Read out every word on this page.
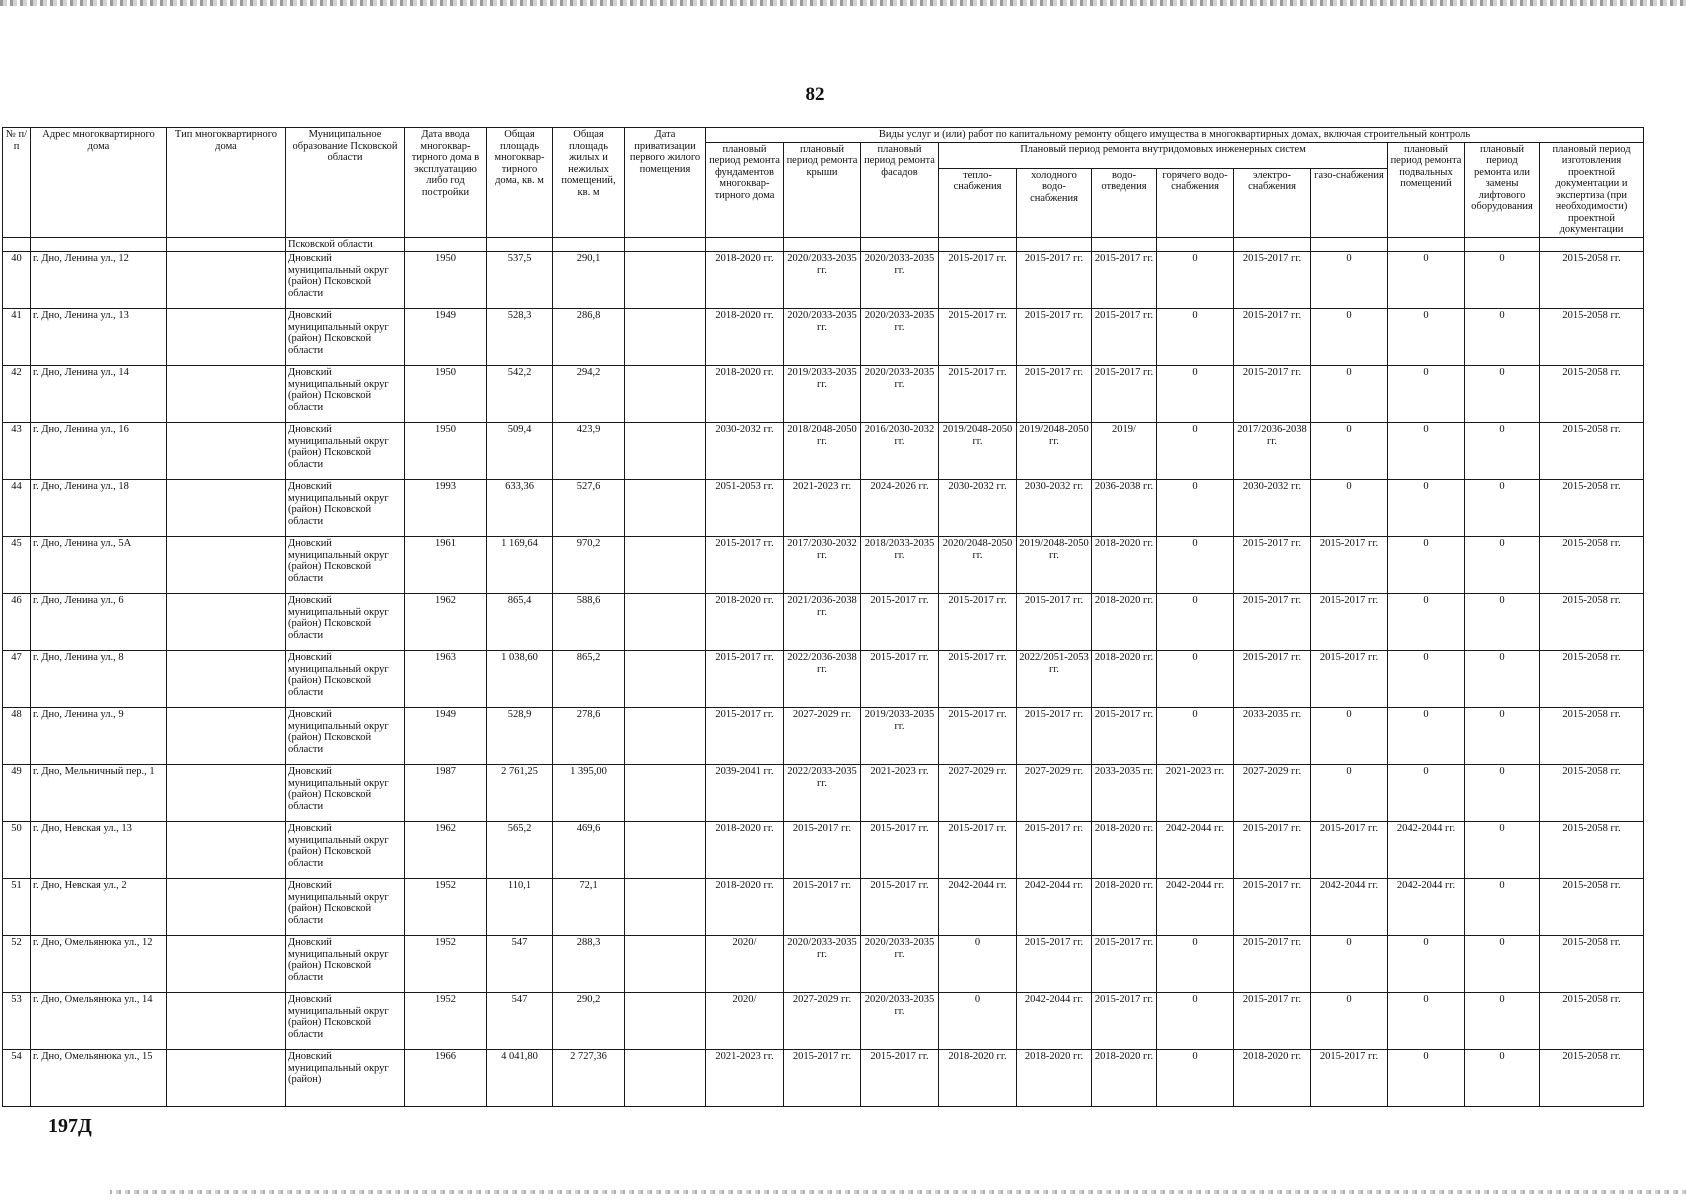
82
№ п/п	Адрес многоквартирного дома	Тип многоквартирного дома	Муниципальное образование Псковской области	Дата ввода многоквар-тирного дома в эксплуатацию либо год постройки	Общая площадь многоквар-тирного дома, кв. м	Общая площадь жилых и нежилых помещений, кв. м	Дата приватизации первого жилого помещения	Виды услуг и (или) работ по капитальному ремонту общего имущества в многоквартирных домах, включая строительный контроль											
								плановый период ремонта фундаментов многоквар-тирного дома	плановый период ремонта крыши	плановый период ремонта фасадов	Плановый период ремонта внутридомовых инженерных систем						плановый период ремонта подвальных помещений	плановый период ремонта или замены лифтового оборудования	плановый период изготовления проектной документации и экспертиза (при необходимости) проектной документации
											тепло-снабжения	холодного водо-снабжения	водо-отведения	горячего водо-снабжения	электро-снабжения	газо-снабжения			
			Псковской области																
40	г. Дно, Ленина ул., 12		Дновский муниципальный округ (район) Псковской области	1950	537,5	290,1		2018-2020 гг.	2020/2033-2035 гг.	2020/2033-2035 гг.	2015-2017 гг.	2015-2017 гг.	2015-2017 гг.	0	2015-2017 гг.	0	0	0	2015-2058 гг.
41	г. Дно, Ленина ул., 13		Дновский муниципальный округ (район) Псковской области	1949	528,3	286,8		2018-2020 гг.	2020/2033-2035 гг.	2020/2033-2035 гг.	2015-2017 гг.	2015-2017 гг.	2015-2017 гг.	0	2015-2017 гг.	0	0	0	2015-2058 гг.
42	г. Дно, Ленина ул., 14		Дновский муниципальный округ (район) Псковской области	1950	542,2	294,2		2018-2020 гг.	2019/2033-2035 гг.	2020/2033-2035 гг.	2015-2017 гг.	2015-2017 гг.	2015-2017 гг.	0	2015-2017 гг.	0	0	0	2015-2058 гг.
43	г. Дно, Ленина ул., 16		Дновский муниципальный округ (район) Псковской области	1950	509,4	423,9		2030-2032 гг.	2018/2048-2050 гг.	2016/2030-2032 гг.	2019/2048-2050 гг.	2019/2048-2050 гг.	2019/	0	2017/2036-2038 гг.	0	0	0	2015-2058 гг.
44	г. Дно, Ленина ул., 18		Дновский муниципальный округ (район) Псковской области	1993	633,36	527,6		2051-2053 гг.	2021-2023 гг.	2024-2026 гг.	2030-2032 гг.	2030-2032 гг.	2036-2038 гг.	0	2030-2032 гг.	0	0	0	2015-2058 гг.
45	г. Дно, Ленина ул., 5А		Дновский муниципальный округ (район) Псковской области	1961	1 169,64	970,2		2015-2017 гг.	2017/2030-2032 гг.	2018/2033-2035 гг.	2020/2048-2050 гг.	2019/2048-2050 гг.	2018-2020 гг.	0	2015-2017 гг.	2015-2017 гг.	0	0	2015-2058 гг.
46	г. Дно, Ленина ул., 6		Дновский муниципальный округ (район) Псковской области	1962	865,4	588,6		2018-2020 гг.	2021/2036-2038 гг.	2015-2017 гг.	2015-2017 гг.	2015-2017 гг.	2018-2020 гг.	0	2015-2017 гг.	2015-2017 гг.	0	0	2015-2058 гг.
47	г. Дно, Ленина ул., 8		Дновский муниципальный округ (район) Псковской области	1963	1 038,60	865,2		2015-2017 гг.	2022/2036-2038 гг.	2015-2017 гг.	2015-2017 гг.	2022/2051-2053 гг.	2018-2020 гг.	0	2015-2017 гг.	2015-2017 гг.	0	0	2015-2058 гг.
48	г. Дно, Ленина ул., 9		Дновский муниципальный округ (район) Псковской области	1949	528,9	278,6		2015-2017 гг.	2027-2029 гг.	2019/2033-2035 гг.	2015-2017 гг.	2015-2017 гг.	2015-2017 гг.	0	2033-2035 гг.	0	0	0	2015-2058 гг.
49	г. Дно, Мельничный пер., 1		Дновский муниципальный округ (район) Псковской области	1987	2 761,25	1 395,00		2039-2041 гг.	2022/2033-2035 гг.	2021-2023 гг.	2027-2029 гг.	2027-2029 гг.	2033-2035 гг.	2021-2023 гг.	2027-2029 гг.	0	0	0	2015-2058 гг.
50	г. Дно, Невская ул., 13		Дновский муниципальный округ (район) Псковской области	1962	565,2	469,6		2018-2020 гг.	2015-2017 гг.	2015-2017 гг.	2015-2017 гг.	2015-2017 гг.	2018-2020 гг.	2042-2044 гг.	2015-2017 гг.	2015-2017 гг.	2042-2044 гг.	0	2015-2058 гг.
51	г. Дно, Невская ул., 2		Дновский муниципальный округ (район) Псковской области	1952	110,1	72,1		2018-2020 гг.	2015-2017 гг.	2015-2017 гг.	2042-2044 гг.	2042-2044 гг.	2018-2020 гг.	2042-2044 гг.	2015-2017 гг.	2042-2044 гг.	2042-2044 гг.	0	2015-2058 гг.
52	г. Дно, Омельянюка ул., 12		Дновский муниципальный округ (район) Псковской области	1952	547	288,3		2020/	2020/2033-2035 гг.	2020/2033-2035 гг.	0	2015-2017 гг.	2015-2017 гг.	0	2015-2017 гг.	0	0	0	2015-2058 гг.
53	г. Дно, Омельянюка ул., 14		Дновский муниципальный округ (район) Псковской области	1952	547	290,2		2020/	2027-2029 гг.	2020/2033-2035 гг.	0	2042-2044 гг.	2015-2017 гг.	0	2015-2017 гг.	0	0	0	2015-2058 гг.
54	г. Дно, Омельянюка ул., 15		Дновский муниципальный округ (район)	1966	4 041,80	2 727,36		2021-2023 гг.	2015-2017 гг.	2015-2017 гг.	2018-2020 гг.	2018-2020 гг.	2018-2020 гг.	0	2018-2020 гг.	2015-2017 гг.	0	0	2015-2058 гг.
197Д
